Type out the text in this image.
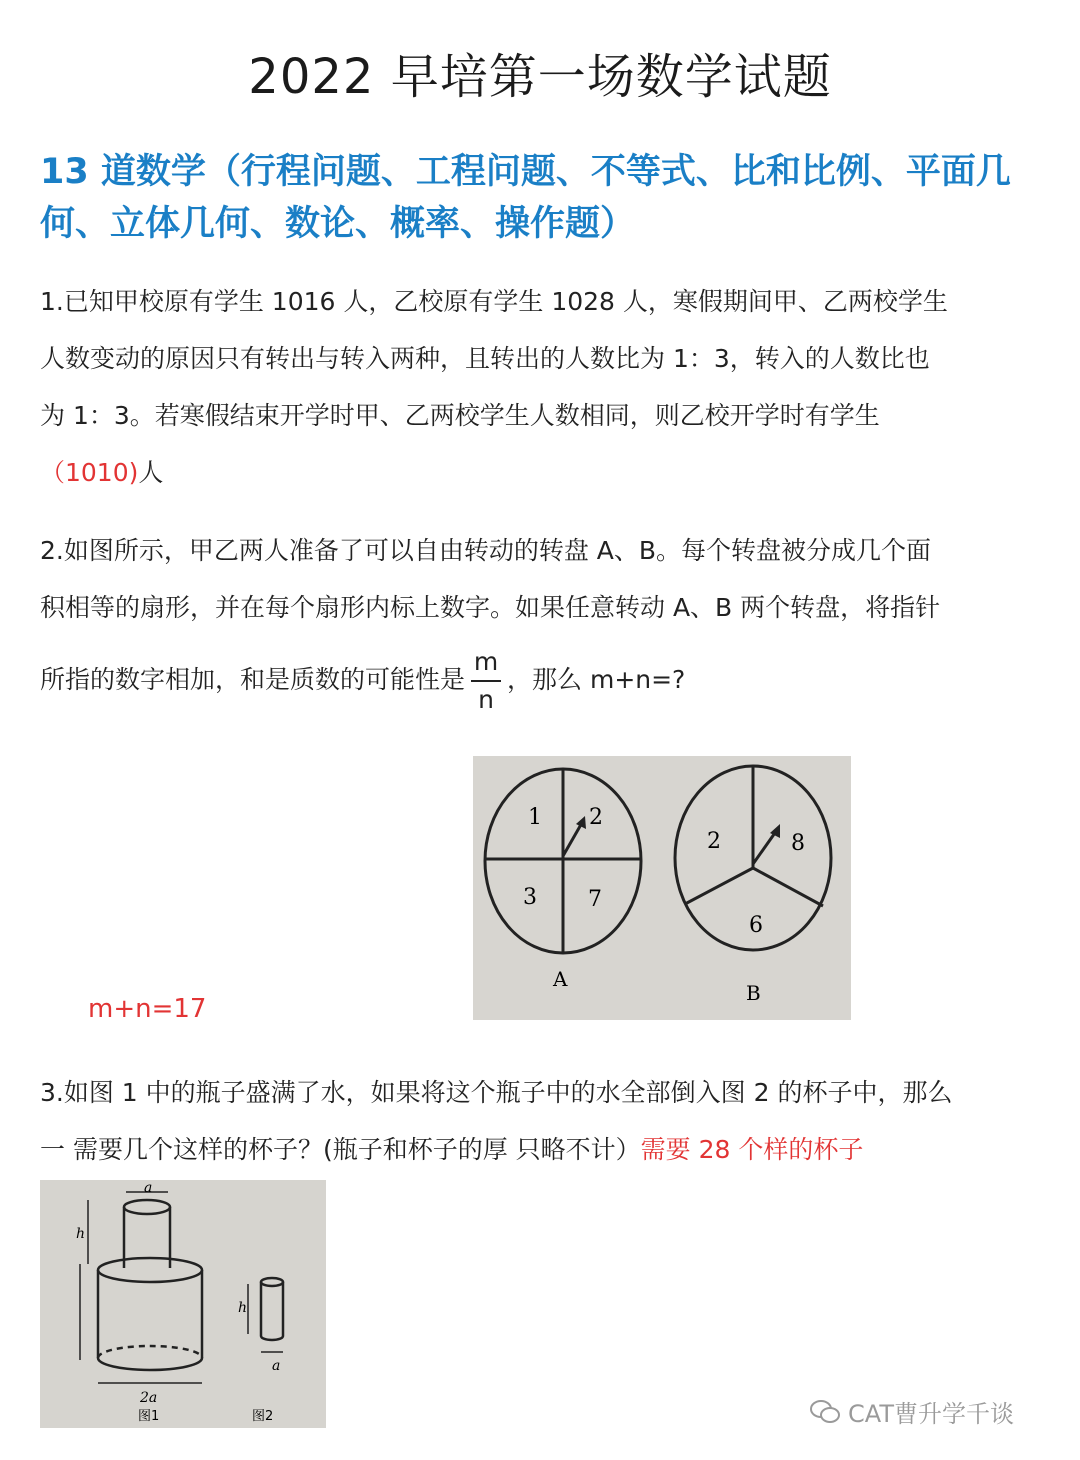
2022 早培第一场数学试题
13 道数学（行程问题、工程问题、不等式、比和比例、平面几何、立体几何、数论、概率、操作题）
1.已知甲校原有学生 1016 人，乙校原有学生 1028 人，寒假期间甲、乙两校学生
人数变动的原因只有转出与转入两种，且转出的人数比为 1：3，转入的人数比也
为 1：3。若寒假结束开学时甲、乙两校学生人数相同，则乙校开学时有学生
（1010)人
2.如图所示，甲乙两人准备了可以自由转动的转盘 A、B。每个转盘被分成几个面
积相等的扇形，并在每个扇形内标上数字。如果任意转动 A、B 两个转盘，将指针
所指的数字相加，和是质数的可能性是 $\frac{m}{n}$ ，那么 m+n=?
m+n=17
1 2
3 7
A
2	8
6
B
3.如图 1 中的瓶子盛满了水，如果将这个瓶子中的水全部倒入图 2 的杯子中，那么
一 需要几个这样的杯子？(瓶子和杯子的厚 只略不计）需要 28 个样的杯子
a
h
2a
图1
h
a
图2	CAT曹升学千谈
